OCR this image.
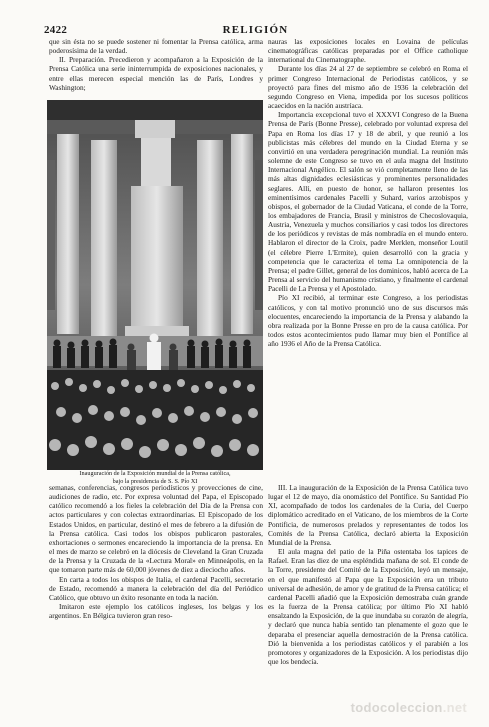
2422	RELIGIÓN

que sin ésta no se puede sostener ni fomentar la Prensa católica, arma poderosísima de la verdad.

II. Preparación. Precedieron y acompañaron a la Exposición de la Prensa Católica una serie ininterrumpida de exposiciones nacionales, y entre ellas merecen especial mención las de París, Londres y Washington;

Inauguración de la Exposición mundial de la Prensa católica,
bajo la presidencia de S. S. Pío XI

nauras las exposiciones locales en Lovaina de películas cinematográficas católicas preparadas por el Office catholique international du Cinematographe.

Durante los días 24 al 27 de septiembre se celebró en Roma el primer Congreso Internacional de Periodistas católicos, y se proyectó para fines del mismo año de 1936 la celebración del segundo Congreso en Viena, impedida por los sucesos políticos acaecidos en la nación austríaca.

Importancia excepcional tuvo el XXXVI Congreso de la Buena Prensa de París (Bonne Presse), celebrado por voluntad expresa del Papa en Roma los días 17 y 18 de abril, y que reunió a los publicistas más célebres del mundo en la Ciudad Eterna y se convirtió en una verdadera peregrinación mundial. La reunión más solemne de este Congreso se tuvo en el aula magna del Instituto Internacional Angélico. El salón se vió completamente lleno de las más altas dignidades eclesiásticas y prominentes personalidades seglares. Allí, en puesto de honor, se hallaron presentes los eminentísimos cardenales Pacelli y Suhard, varios arzobispos y obispos, el gobernador de la Ciudad Vaticana, el conde de la Torre, los embajadores de Francia, Brasil y ministros de Checoslovaquia, Austria, Venezuela y muchos consiliarios y casi todos los directores de los periódicos y revistas de más nombradía en el mundo entero. Hablaron el director de la Croix, padre Merklen, monseñor Loutil (el célebre Pierre L'Ermite), quien desarrolló con la gracia y competencia que le caracteriza el tema La omnipotencia de la Prensa; el padre Gillet, general de los dominicos, habló acerca de La Prensa al servicio del humanismo cristiano, y finalmente el cardenal Pacelli de La Prensa y el Apostolado.

Pío XI recibió, al terminar este Congreso, a los periodistas católicos, y con tal motivo pronunció uno de sus discursos más elocuentes, encareciendo la importancia de la Prensa y alabando la obra realizada por la Bonne Presse en pro de la causa católica. Por todos estos acontecimientos pudo llamar muy bien el Pontífice al año 1936 el Año de la Prensa Católica.

semanas, conferencias, congresos periodísticos y provecciones de cine, audiciones de radio, etc. Por expresa voluntad del Papa, el Episcopado católico recomendó a los fieles la celebración del Día de la Prensa con actos particulares y con colectas extraordinarias. El Episcopado de los Estados Unidos, en particular, destinó el mes de febrero a la difusión de la Prensa católica. Casi todos los obispos publicaron pastorales, exhortaciones o sermones encareciendo la importancia de la prensa. En el mes de marzo se celebró en la diócesis de Cleveland la Gran Cruzada de la Prensa y la Cruzada de la «Lectura Moral» en Minneápolis, en la que tomaron parte más de 60,000 jóvenes de diez a dieciocho años.

En carta a todos los obispos de Italia, el cardenal Pacelli, secretario de Estado, recomendó a manera la celebración del día del Periódico Católico, que obtuvo un éxito resonante en toda la nación.

Imitaron este ejemplo los católicos ingleses, los belgas y los argentinos. En Bélgica tuvieron gran reso-

III. La inauguración de la Exposición de la Prensa Católica tuvo lugar el 12 de mayo, día onomástico del Pontífice. Su Santidad Pío XI, acompañado de todos los cardenales de la Curia, del Cuerpo diplomático acreditado en el Vaticano, de los miembros de la Corte Pontificia, de numerosos prelados y representantes de todos los Comités de la Prensa Católica, declaró abierta la Exposición Mundial de la Prensa.

El aula magna del patio de la Piña ostentaba los tapices de Rafael. Eran las diez de una espléndida mañana de sol. El conde de la Torre, presidente del Comité de la Exposición, leyó un mensaje, en el que manifestó al Papa que la Exposición era un tributo universal de adhesión, de amor y de gratitud de la Prensa católica; el cardenal Pacelli añadió que la Exposición demostraba cuán grande es la fuerza de la Prensa católica; por último Pío XI habló ensalzando la Exposición, de la que inundaba su corazón de alegría, y declaró que nunca había sentido tan plenamente el gozo que le deparaba el presenciar aquella demostración de la Prensa católica. Dió la bienvenida a los periodistas católicos y el parabién a los promotores y organizadores de la Exposición. A los periodistas dijo que los bendecía.

todocoleccion.net
